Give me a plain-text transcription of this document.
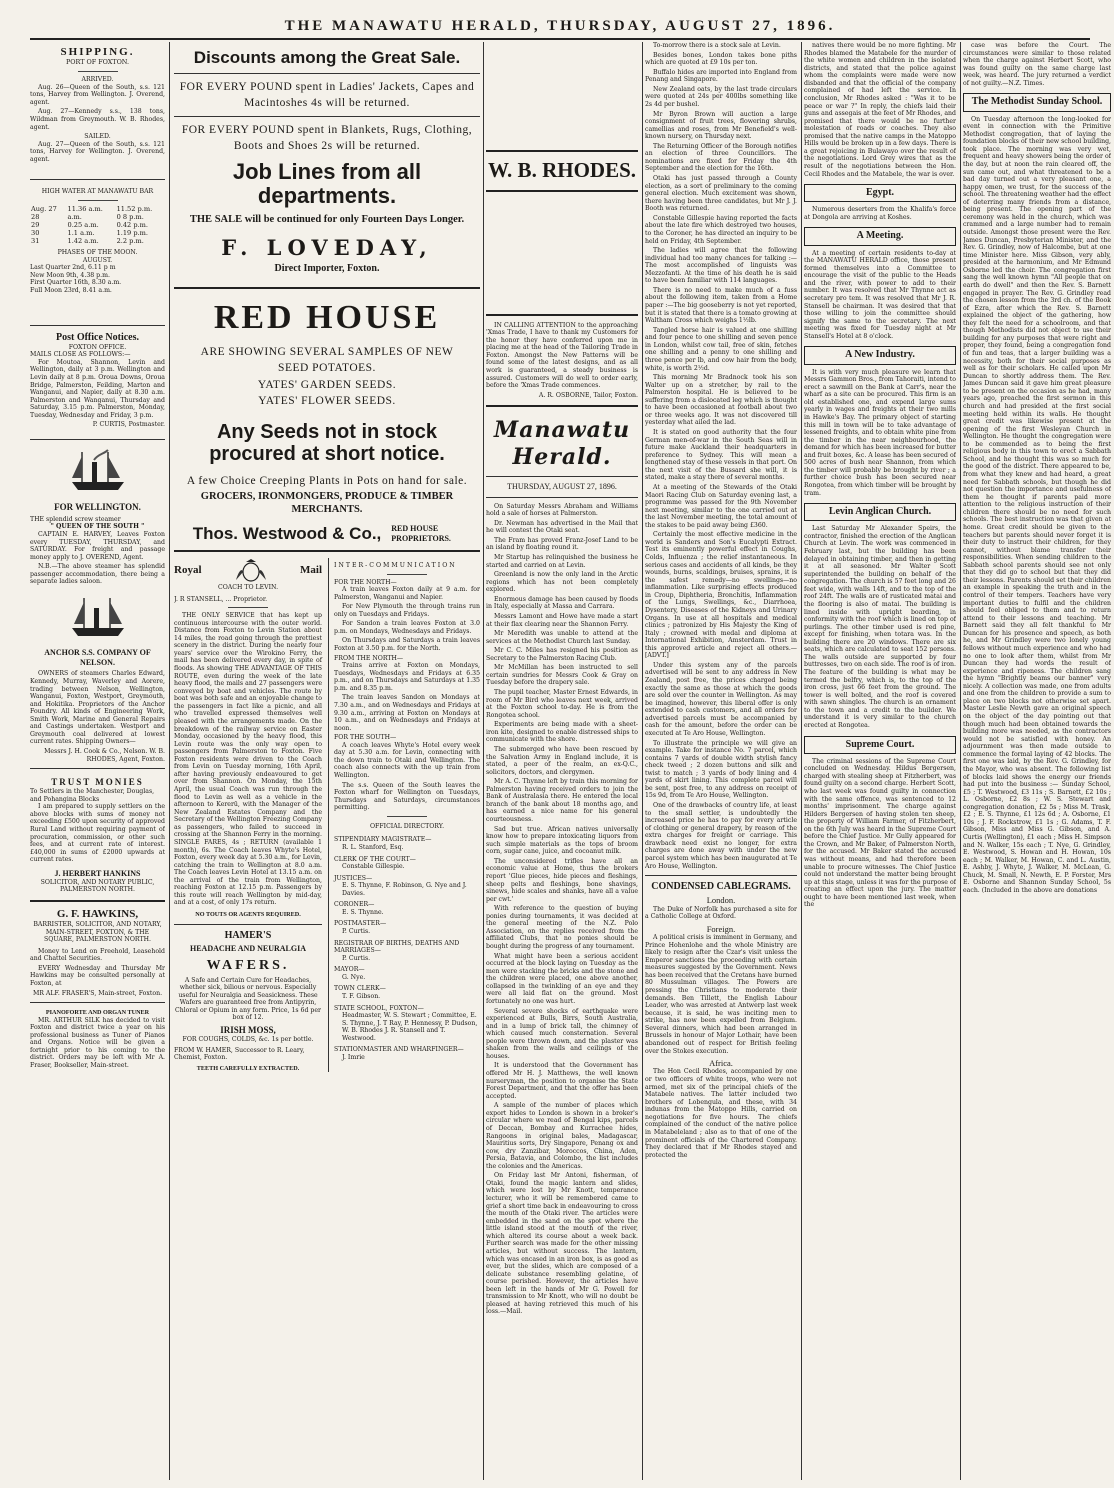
THE MANAWATU HERALD, THURSDAY, AUGUST 27, 1896.
SHIPPING.
PORT OF FOXTON.
ARRIVED.

Aug. 26—Queen of the South, s.s. 121 tons, Harvey from Wellington. J. Overend, agent.

Aug. 27—Kennedy s.s., 138 tons, Wildman from Greymouth. W. B. Rhodes, agent.

SAILED.

Aug. 27—Queen of the South, s.s. 121 tons, Harvey for Wellington. J. Overend, agent.

HIGH WATER AT MANAWATU BAR
Aug. 27	11.36 a.m.	11.52 p.m.
28	a.m.	0 8 p.m.
29	0.25 a.m.	0.42 p.m.
30	1.1 a.m.	1.19 p.m.
31	1.42 a.m.	2.2 p.m.
PHASES OF THE MOON.
AUGUST.
Last Quarter 2nd, 6.11 p m
New Moon 9th, 4.38 p.m.
First Quarter 16th, 8.30 a.m.
Full Moon 23rd, 8.41 a.m.
Post Office Notices.
FOXTON OFFICE.
MAILS CLOSE AS FOLLOWS:—

For Moutoa, Shannon, Levin and Wellington, daily at 3 p.m. Wellington and Levin daily at 8 p.m. Oroua Downs, Oroua Bridge, Palmerston, Feilding, Marton and Wanganui, and Napier, daily at 8.30 a.m. Palmerston and Wanganui, Thursday and Saturday, 3.15 p.m. Palmerston, Monday, Tuesday, Wednesday and Friday, 3 p.m.

P. CURTIS, Postmaster.
FOR WELLINGTON.
THE splendid screw steamer
" QUEEN OF THE SOUTH "

CAPTAIN E. HARVEY, Leaves Foxton every TUESDAY, THURSDAY, and SATURDAY. For freight and passage money apply to J. OVEREND, Agent.

N.B.—The above steamer has splendid passenger accommodation, there being a separate ladies saloon.

ANCHOR S.S. COMPANY OF NELSON.

OWNERS of steamers Charles Edward, Kennedy, Murray, Waverley and Aorere, trading between Nelson, Wellington, Wanganui, Foxton, Westport, Greymouth, and Hokitika. Proprietors of the Anchor Foundry. All kinds of Engineering Work, Smith Work, Marine and General Repairs and Castings undertaken. Westport and Greymouth coal delivered at lowest current rates. Shipping Owners—

Messrs J. H. Cook & Co., Nelson. W. B. RHODES, Agent, Foxton.
TRUST MONIES
To Settlers in the Manchester, Douglas, and Pohangina Blocks

I am prepared to supply settlers on the above blocks with sums of money not exceeding £500 upon security of approved Rural Land without requiring payment of procuration, commission, or other such fees, and at current rate of interest. £40,000 in sums of £2000 upwards at current rates.

J. HERBERT HANKINS
SOLICITOR, AND NOTARY PUBLIC, PALMERSTON NORTH.
G. F. HAWKINS,
BARRISTER, SOLICITOR, AND NOTARY,
MAIN-STREET, FOXTON, & THE SQUARE, PALMERSTON NORTH.

Money to Lend on Freehold, Leasehold and Chattel Securities.

EVERY Wednesday and Thursday Mr Hawkins may be consulted personally at Foxton, at

MR ALF. FRASER'S, Main-street, Foxton.
PIANOFORTE AND ORGAN TUNER

MR. ARTHUR SILK has decided to visit Foxton and district twice a year on his professional business as Tuner of Pianos and Organs. Notice will be given a fortnight prior to his coming to the district. Orders may be left with Mr A. Fraser, Bookseller, Main-street.

Discounts among the Great Sale.
FOR EVERY POUND spent in Ladies' Jackets, Capes and Macintoshes 4s will be returned.
FOR EVERY POUND spent in Blankets, Rugs, Clothing, Boots and Shoes 2s will be returned.
Job Lines from all departments.
THE SALE will be continued for only Fourteen Days Longer.
F. LOVEDAY,
Direct Importer, Foxton.
RED HOUSE
ARE SHOWING SEVERAL SAMPLES OF NEW
SEED POTATOES.
YATES' GARDEN SEEDS.
YATES' FLOWER SEEDS.
Any Seeds not in stock procured at short notice.
A few Choice Creeping Plants in Pots on hand for sale.
GROCERS, IRONMONGERS, PRODUCE & TIMBER MERCHANTS.
Thos. Westwood & Co., RED HOUSE PROPRIETORS.
Royal	Mail
COACH TO LEVIN.
J. R STANSELL, ... Proprietor.

THE ONLY SERVICE that has kept up continuous intercourse with the outer world. Distance from Foxton to Levin Station about 14 miles, the road going through the prettiest scenery in the district. During the nearly four years' service over the Wirokino Ferry, the mail has been delivered every day, in spite of floods. As showing THE ADVANTAGE OF THIS ROUTE, even during the week of the late heavy flood, the mails and 27 passengers were conveyed by boat and vehicles. The route by boat was both safe and an enjoyable change to the passengers in fact like a picnic, and all who travelled expressed themselves well pleased with the arrangements made. On the breakdown of the railway service on Easter Monday, occasioned by the heavy flood, this Levin route was the only way open to passengers from Palmerston to Foxton. Five Foxton residents were driven to the Coach from Levin on Tuesday morning, 16th April, after having previously endeavoured to get over from Shannon. On Monday, the 15th April, the usual Coach was run through the flood to Levin as well as a vehicle in the afternoon to Kererū, with the Manager of the New Zealand Estates Company and the Secretary of the Wellington Freezing Company as passengers, who failed to succeed in crossing at the Shannon Ferry in the morning. SINGLE FARES, 4s ; RETURN (available 1 month), 6s. The Coach leaves Whyte's Hotel, Foxton, every week day at 5.30 a.m., for Levin, catching the train to Wellington at 8.0 a.m. The Coach leaves Levin Hotel at 13.15 a.m. on the arrival of the train from Wellington, reaching Foxton at 12.15 p.m. Passengers by this route will reach Wellington by mid-day, and at a cost, of only 17s return.

NO TOUTS OR AGENTS REQUIRED.
HAMER'S
HEADACHE AND NEURALGIA
WAFERS.

A Safe and Certain Cure for Headaches, whether sick, bilious or nervous. Especially useful for Neuralgia and Seasickness. These Wafers are guaranteed free from Antipyrin, Chloral or Opium in any form. Price, 1s 6d per box of 12.

IRISH MOSS,
FOR COUGHS, COLDS, &c. 1s per bottle.
FROM W. HAMER, Successor to R. Leary, Chemist, Foxton.
TEETH CAREFULLY EXTRACTED.
INTER-COMMUNICATION
FOR THE NORTH—

A train leaves Foxton daily at 9 a.m. for Palmerston, Wanganui and Napier.

For New Plymouth the through trains run only on Tuesdays and Fridays.

For Sandon a train leaves Foxton at 3.0 p.m. on Mondays, Wednesdays and Fridays.

On Thursdays and Saturdays a train leaves Foxton at 3.50 p.m. for the North.

FROM THE NORTH—

Trains arrive at Foxton on Mondays, Tuesdays, Wednesdays and Fridays at 6.35 p.m., and on Thursdays and Saturdays at 1.35 p.m. and 8.35 p.m.

The train leaves Sandon on Mondays at 7.30 a.m., and on Wednesdays and Fridays at 9.30 a.m., arriving at Foxton on Mondays at 10 a.m., and on Wednesdays and Fridays at noon.

FOR THE SOUTH—

A coach leaves Whyte's Hotel every week day at 5.30 a.m. for Levin, connecting with the down train to Otaki and Wellington. The coach also connects with the up train from Wellington.

The s.s. Queen of the South leaves the Foxton wharf for Wellington on Tuesdays, Thursdays and Saturdays, circumstances permitting.

OFFICIAL DIRECTORY.
STIPENDIARY MAGISTRATE—
R. L. Stanford, Esq.
CLERK OF THE COURT—
Constable Gillespie.
JUSTICES—
E. S. Thynne, F. Robinson, G. Nye and J. Davies.
CORONER—
E. S. Thynne.
POSTMASTER—
P. Curtis.
REGISTRAR OF BIRTHS, DEATHS AND MARRIAGES—
P. Curtis.
MAYOR—
G. Nye.
TOWN CLERK—
T. F. Gibson.
STATE SCHOOL, FOXTON—
Headmaster, W. S. Stewart ; Committee, E. S. Thynne, J. T Ray, P. Hennessy, P. Dudson, W. B. Rhodes J. R. Stansell and T. Westwood.
STATIONMASTER AND WHARFINGER—
J. Imrie
W. B. RHODES.

IN CALLING ATTENTION to the approaching 'Xmas Trade, I have to thank my Customers for the honor they have conferred upon me in placing me at the head of the Tailoring Trade in Foxton. Amongst the New Patterns will be found some of the latest designs, and as all work is guaranteed, a steady business is assured. Customers will do well to order early, before the 'Xmas Trade commences.

A. R. OSBORNE, Tailor, Foxton.
Manawatu Herald.
THURSDAY, AUGUST 27, 1896.

On Saturday Messrs Abraham and Williams hold a sale of horses at Palmerston.

Dr. Newman has advertised in the Mail that he will contest the Otaki seat.

The Fram has proved Franz-Josef Land to be an island by floating round it.

Mr Startup has relinquished the business he started and carried on at Levin.

Greenland is now the only land in the Arctic regions which has not been completely explored.

Enormous damage has been caused by floods in Italy, especially at Massa and Carrara.

Messrs Lamont and Howe have made a start at their flax clearing near the Shannon Ferry.

Mr Meredith was unable to attend at the services at the Methodist Church last Sunday.

Mr C. C. Miles has resigned his position as Secretary to the Palmerston Racing Club.

Mr McMillan has been instructed to sell certain sundries for Messrs Cook & Gray on Tuesday before the drapery sale.

The pupil teacher, Master Ernest Edwards, in room of Mr Bird who leaves next week, arrived at the Foxton school to-day. He is from the Rongotea school.

Experiments are being made with a sheet-iron kite, designed to enable distressed ships to communicate with the shore.

The submerged who have been rescued by the Salvation Army in England include, it is stated, a peer of the realm, an ex-Q.C., solicitors, doctors, and clergymen.

Mr A. C. Thynne left by train this morning for Palmerston having received orders to join the Bank of Australasia there. He entered the local branch of the bank about 18 months ago, and has earned a nice name for his general courteousness.

Sad but true. African natives universally know how to prepare intoxicating liquors from such simple materials as the tops of broom corn, sugar cane, juice, and cocoanut milk.

The unconsidered trifles have all an economic value at Home, thus the brokers report 'Glue pieces, hide pieces and fleshings, sheep pelts and fleshings, bone shavings, sinews, hide scales and shanks, have all a value per cwt.'

With reference to the question of buying ponies during tournaments, it was decided at the general meeting of the N.Z. Polo Association, on the replies received from the affiliated Clubs, that no ponies should be bought during the progress of any tournament.

What might have been a serious accident occurred at the block laying on Tuesday as the men were stacking the bricks and the stone and the children were placed, one above another, collapsed in the twinkling of an eye and they were all laid flat on the ground. Most fortunately no one was hurt.

Several severe shocks of earthquake were experienced at Bulls, Birrs, South Australia, and in a lump of brick tall, the chimney of which caused much consternation. Several people were thrown down, and the plaster was shaken from the walls and ceilings of the houses.

It is understood that the Government has offered Mr H. J. Matthews, the well known nurseryman, the position to organise the State Forest Department, and that the offer has been accepted.

A sample of the number of places which export hides to London is shown in a broker's circular where we read of Bengal kips, parcels of Deccan, Bombay and Kurrachee hides, Rangoons in original bales, Madagascar, Mauritius sorts, Dry Singapore, Penang ox and cow, dry Zanzibar, Moroccos, China, Aden, Persia, Batavia, and Colombo, the list includes the colonies and the Americas.

On Friday last Mr Antoni, fisherman, of Otaki, found the magic lantern and slides, which were lost by Mr Knott, temperance lecturer, who it will be remembered came to grief a short time back in endeavouring to cross the mouth of the Otaki river. The articles were embedded in the sand on the spot where the little island stood at the mouth of the river, which altered its course about a week back. Further search was made for the other missing articles, but without success. The lantern, which was encased in an iron box, is as good as ever, but the slides, which are composed of a delicate substance resembling gelatine, of course perished. However, the articles have been left in the hands of Mr G. Powell for transmission to Mr Knott, who will no doubt be pleased at having retrieved this much of his loss.—Mail.

To-morrow there is a stock sale at Levin.

Besides bones, London takes bone piths which are quoted at £9 10s per ton.

Buffalo hides are imported into England from Penang and Singapore.

New Zealand oats, by the last trade circulars were quoted at 24s per 400lbs something like 2s 4d per bushel.

Mr Byron Brown will auction a large consignment of fruit trees, flowering shrubs, camellias and roses, from Mr Benefield's well-known nursery, on Thursday next.

The Returning Officer of the Borough notifies an election of three Councillors. The nominations are fixed for Friday the 4th September and the election for the 16th.

Otaki has just passed through a County election, as a sort of preliminary to the coming general election. Much excitement was shown, there having been three candidates, but Mr J. J. Booth was returned.

Constable Gillespie having reported the facts about the late fire which destroyed two houses, to the Coroner, he has directed an inquiry to be held on Friday, 4th September.

The ladies will agree that the following individual had too many chances for talking :—The most accomplished of linguists was Mezzofanti. At the time of his death he is said to have been familiar with 114 languages.

There is no need to make much of a fuss about the following item, taken from a Home paper :—The big gooseberry is not yet reported, but it is stated that there is a tomato growing at Waltham Cross which weighs 1½lb.

Tangled horse hair is valued at one shilling and four pence to one shilling and seven pence in London, whilst cow tail, free of skin, fetches one shilling and a penny to one shilling and three pence per lb, and cow hair from the body, white, is worth 2½d.

This morning Mr Bradnock took his son Walter up on a stretcher, by rail to the Palmerston hospital. He is believed to be suffering from a dislocated leg which is thought to have been occasioned at football about two or three weeks ago. It was not discovered till yesterday what ailed the lad.

It is stated on good authority that the four German men-of-war in the South Seas will in future make Auckland their headquarters in preference to Sydney. This will mean a lengthened stay of these vessels in that port. On the next visit of the Bussard she will, it is stated, make a stay there of several months.

At a meeting of the Stewards of the Otaki Maori Racing Club on Saturday evening last, a programme was passed for the 9th November next meeting, similar to the one carried out at the last November meeting, the total amount of the stakes to be paid away being £360.

Certainly the most effective medicine in the world is Sanders and Son's Eucalypti Extract. Test its eminently powerful effect in Coughs, Colds, Influenza ; the relief instantaneous. In serious cases and accidents of all kinds, be they wounds, burns, scaldings, bruises, sprains, it is the safest remedy—no swellings—no inflammation. Like surprising effects produced in Croup, Diphtheria, Bronchitis, Inflammation of the Lungs, Swellings, &c., Diarrhoea, Dysentery, Diseases of the Kidneys and Urinary Organs. In use at all hospitals and medical clinics ; patronized by His Majesty the King of Italy ; crowned with medal and diploma at International Exhibition, Amsterdam. Trust in this approved article and reject all others.—[ADVT.]

Under this system any of the parcels advertised will be sent to any address in New Zealand, post free, the prices charged being exactly the same as those at which the goods are sold over the counter in Wellington. As may be imagined, however, this liberal offer is only extended to cash customers, and all orders for advertised parcels must be accompanied by cash for the amount, before the order can be executed at Te Aro House, Wellington.

To illustrate the principle we will give an example. Take for instance No. 7 parcel, which contains 7 yards of double width stylish fancy check tweed ; 2 dozen buttons and silk and twist to match ; 3 yards of body lining and 4 yards of skirt lining. This complete parcel will be sent, post free, to any address on receipt of 15s 9d, from Te Aro House, Wellington.

One of the drawbacks of country life, at least to the small settler, is undoubtedly the increased price he has to pay for every article of clothing or general drapery, by reason of the extra charges for freight or carriage. This drawback need exist no longer, for extra charges are done away with under the new parcel system which has been inaugurated at Te Aro House, Wellington.

CONDENSED CABLEGRAMS.
London.

The Duke of Norfolk has purchased a site for a Catholic College at Oxford.

Foreign.

A political crisis is imminent in Germany, and Prince Hohenlohe and the whole Ministry are likely to resign after the Czar's visit unless the Emperor sanctions the proceeding with certain measures suggested by the Government. News has been received that the Cretans have burned 80 Mussulman villages. The Powers are pressing the Christians to moderate their demands. Ben Tillett, the English Labour Leader, who was arrested at Antwerp last week because, it is said, he was inciting men to strike, has now been expelled from Belgium. Several dinners, which had been arranged in Brussels in honour of Major Lothair, have been abandoned out of respect for British feeling over the Stokes execution.

Africa.

The Hon Cecil Rhodes, accompanied by one or two officers of white troops, who were not armed, met six of the principal chiefs of the Matabele natives. The latter included two brothers of Lobengula, and these, with 34 indunas from the Matoppo Hills, carried on negotiations for five hours. The chiefs complained of the conduct of the native police in Matabeleland ; also as to that of one of the prominent officials of the Chartered Company. They declared that if Mr Rhodes stayed and protected the

natives there would be no more fighting. Mr Rhodes blamed the Matabele for the murder of the white women and children in the isolated districts, and stated that the police against whom the complaints were made were now disbanded and that the official of the company complained of had left the service. In conclusion, Mr Rhodes asked : "Was it to be peace or war ?" In reply, the chiefs laid their guns and assegais at the feet of Mr Rhodes, and promised that there would be no further molestation of roads or coaches. They also promised that the native camps in the Matoppo Hills would be broken up in a few days. There is a great rejoicing in Bulawayo over the result of the negotiations. Lord Grey wires that as the result of the negotiations between the Hon. Cecil Rhodes and the Matabele, the war is over.

Egypt.

Numerous deserters from the Khalifa's force at Dongola are arriving at Koshes.

A Meeting.

At a meeting of certain residents to-day at the MANAWATU HERALD office, those present formed themselves into a Committee to encourage the visit of the public to the Heads and the river, with power to add to their number. It was resolved that Mr Thynne act as secretary pro tem. It was resolved that Mr J. R. Stansell be chairman. It was desired that that those willing to join the committee should signify the same to the secretary. The next meeting was fixed for Tuesday night at Mr Stansell's Hotel at 8 o'clock.

A New Industry.

It is with very much pleasure we learn that Messrs Gammon Bros., from Tahoraiti, intend to erect a sawmill on the Bank at Carr's, near the wharf as a site can be procured. This firm is an old established one, and expend large sums yearly in wages and freights at their two mills in Hawke's Bay. The primary object of starting this mill in town will be to take advantage of lessened freights, and to obtain white pine from the timber in the near neighbourhood, the demand for which has been increased for butter and fruit boxes, &c. A lease has been secured of 500 acres of bush near Shannon, from which the timber will probably be brought by river ; a further choice bush has been secured near Rongotea, from which timber will be brought by tram.

Levin Anglican Church.

Last Saturday Mr Alexander Speirs, the contractor, finished the erection of the Anglican Church at Levin. The work was commenced in February last, but the building has been delayed in obtaining timber, and then in getting it at all seasoned. Mr Walter Scott superintended the building on behalf of the congregation. The church is 57 feet long and 26 feet wide, with walls 14ft, and to the top of the roof 24ft. The walls are of rusticated matai and the flooring is also of matai. The building is lined inside with upright boarding, in conformity with the roof which is lined on top of purlings. The other timber used is red pine, except for finishing, when totara was. In the building there are 20 windows. There are six seats, which are calculated to seat 152 persons. The walls outside are supported by four buttresses, two on each side. The roof is of iron. The feature of the building is what may be termed the belfry, which is, to the top of the iron cross, just 66 feet from the ground. The tower is well bolted, and the roof is covered with sawn shingles. The church is an ornament to the town and a credit to the builder. We understand it is very similar to the church erected at Rongotea.

Supreme Court.

The criminal sessions of the Supreme Court concluded on Wednesday. Hildus Bergersen, charged with stealing sheep at Fitzherbert, was found guilty on a second charge. Herbert Scott, who last week was found guilty in connection with the same offence, was sentenced to 12 months' imprisonment. The charge against Hilders Bergersen of having stolen ten sheep, the property of William Farmer, of Fitzherbert, on the 6th July was heard in the Supreme Court before the Chief Justice. Mr Gully appeared for the Crown, and Mr Baker, of Palmerston North, for the accused. Mr Baker stated the accused was without means, and had therefore been unable to procure witnesses. The Chief Justice could not understand the matter being brought up at this stage, unless it was for the purpose of creating an effect upon the jury. The matter ought to have been mentioned last week, when the

case was before the Court. The circumstances were similar to those related when the charge against Herbert Scott, who was found guilty on the same charge last week, was heard. The jury returned a verdict of not guilty.—N.Z. Times.

The Methodist Sunday School.

On Tuesday afternoon the long-looked for event in connection with the Primitive Methodist congregation, that of laying the foundation blocks of their new school building, took place. The morning was very wet, frequent and heavy showers being the order of the day, but at noon the rain cleared off, the sun came out, and what threatened to be a bad day turned out a very pleasant one, a happy omen, we trust, for the success of the school. The threatening weather had the effect of deterring many friends from a distance, being present. The opening part of the ceremony was held in the church, which was crammed and a large number had to remain outside. Amongst those present were the Rev. James Duncan, Presbyterian Minister, and the Rev. G. Grindley, now of Halcombe, but at one time Minister here. Miss Gibson, very ably, presided at the harmonium, and Mr Edmund Osborne led the choir. The congregation first sang the well known hymn "All people that on earth do dwell" and then the Rev. S. Barnett engaged in prayer. The Rev. G. Grindley read the chosen lesson from the 3rd ch. of the Book of Ezra, after which the Rev. S. Barnett explained the object of the gathering, how they felt the need for a schoolroom, and that though Methodists did not object to use their building for any purposes that were right and proper, they found, being a congregation fond of fun and teas, that a larger building was a necessity, both for their social purposes as well as for their scholars. He called upon Mr Duncan to shortly address them. The Rev. James Duncan said it gave him great pleasure to be present on the occasion as he had, many years ago, preached the first sermon in this church and had presided at the first social meeting held within its walls. He thought great credit was likewise present at the opening of the first Wesleyan Church in Wellington. He thought the congregation were to be commended as to being the first religious body in this town to erect a Sabbath School, and he thought this was so much for the good of the district. There appeared to be, from what they knew and had heard, a great need for Sabbath schools, but though he did not question the importance and usefulness of them he thought if parents paid more attention to the religious instruction of their children there should be no need for such schools. The best instruction was that given at home. Great credit should be given to the teachers but parents should never forget it is their duty to instruct their children, for they cannot, without blame transfer their responsibilities. When sending children to the Sabbath school parents should see not only that they did go to school but that they did their lessons. Parents should set their children an example in speaking the truth and in the control of their tempers. Teachers have very important duties to fulfil and the children should feel obliged to them and to return attend to their lessons and teaching. Mr Barnett said they all felt thankful to Mr Duncan for his presence and speech, as both he, and Mr Grindley were two lonely young fellows without much experience and who had no one to look after them, whilst from Mr Duncan they had words the result of experience and ripeness. The children sang the hymn "Brightly beams our banner" very nicely. A collection was made, one from adults and one from the children to provide a sum to place on two blocks not otherwise set apart. Master Leslie Newth gave an original speech on the object of the day pointing out that though much had been obtained towards the building more was needed, as the contractors would not be satisfied with honey. An adjournment was then made outside to commence the formal laying of 42 blocks. The first one was laid, by the Rev. G. Grindley, for the Mayor, who was absent. The following list of blocks laid shows the energy our friends had put into the business :— Sunday School, £5 ; T. Westwood, £3 11s ; S. Barnett, £2 10s ; L. Osborne, £2 8s ; W. S. Stewart and congregation donation, £2 5s ; Miss M. Trask, £2 ; E. S. Thynne, £1 12s 6d ; A. Osborne, £1 10s ; J. F. Rockstrow, £1 1s ; G. Adams, T. F. Gibson, Miss and Miss G. Gibson, and A. Curtis (Wellington), £1 each ; Miss H. Simpson and N. Walker, 15s each ; T. Nye, G. Grindley, E. Westwood, S. Howan and H. Howan, 10s each ; M. Walker, M. Howan, C. and L. Austin, E. Ashby, J. Whyte, J. Walker, M. McLean, G. Chuck, M. Small, N. Newth, E. P. Forster, Mrs E. Osborne and Shannon Sunday School, 5s each. (Included in the above are donations
